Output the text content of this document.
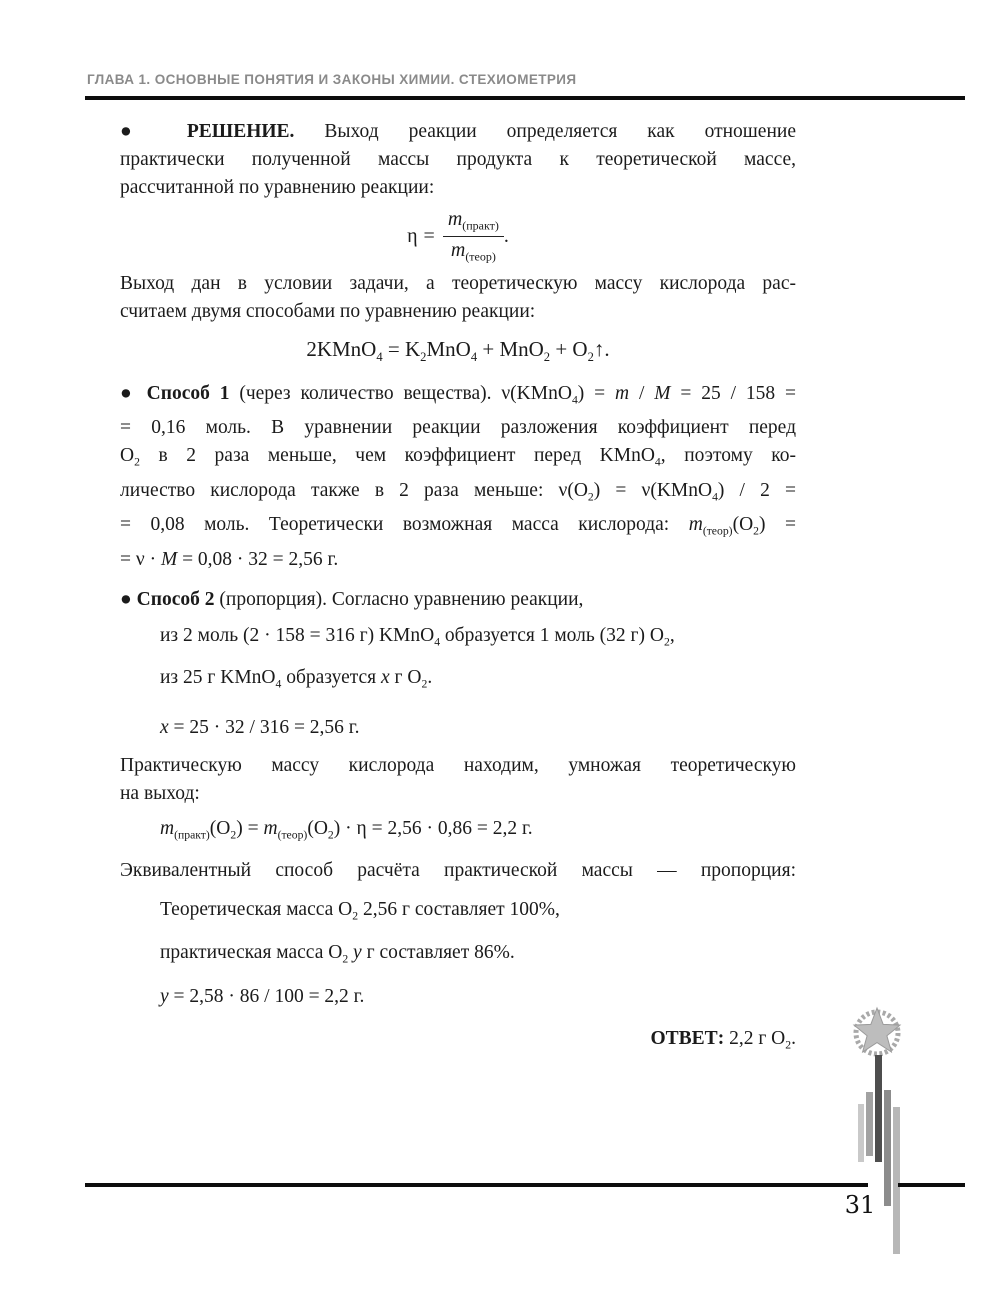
ГЛАВА 1. ОСНОВНЫЕ ПОНЯТИЯ И ЗАКОНЫ ХИМИИ. СТЕХИОМЕТРИЯ
● РЕШЕНИЕ. Выход реакции определяется как отношение
практически полученной массы продукта к теоретической массе,
рассчитанной по уравнению реакции:
$\eta = \frac{m_{(практ)}}{m_{(теор)}}$ .
Выход дан в условии задачи, а теоретическую массу кислорода рас-
считаем двумя способами по уравнению реакции:
2KMnO$_4$ = $K_2MnO_4 + MnO_2$ + $O_2↑$.
● Способ 1 (через количество вещества). ν(KMnO$_4$) = m / M = 25 / 158 =
= 0,16 моль. В уравнении реакции разложения коэффициент перед
$O_2$ в 2 раза меньше, чем коэффициент перед KMnO$_4$, поэтому ко-
личество кислорода также в 2 раза меньше: $\nu(O_2)$ = ν(KMnO$_4$) / 2 =
= 0,08 моль. Теоретически возможная масса кислорода: $m_{(теор)}(O_2)$ =
= ν · M = 0,08 · 32 = 2,56 г.
● Способ 2 (пропорция). Согласно уравнению реакции,
из 2 моль (2 · 158 = 316 г) KMnO$_4$ образуется 1 моль (32 г) $O_2$,
из 25 г KMnO$_4$ образуется x г $O_2$.
x = 25 · 32 / 316 = 2,56 г.
Практическую массу кислорода находим, умножая теоретическую
на выход:
$m_{(практ)}(O_2) = m_{(теор)}(O_2) \cdot \eta = 2,56 \cdot 0,86 = 2,2$ г.
Эквивалентный способ расчёта практической массы — пропорция:
Теоретическая масса $O_2$ 2,56 г составляет 100%,
практическая масса $O_2$ y г составляет 86%.
y = 2,58 · 86 / 100 = 2,2 г.
ОТВЕТ: 2,2 г $O_2$.
31
